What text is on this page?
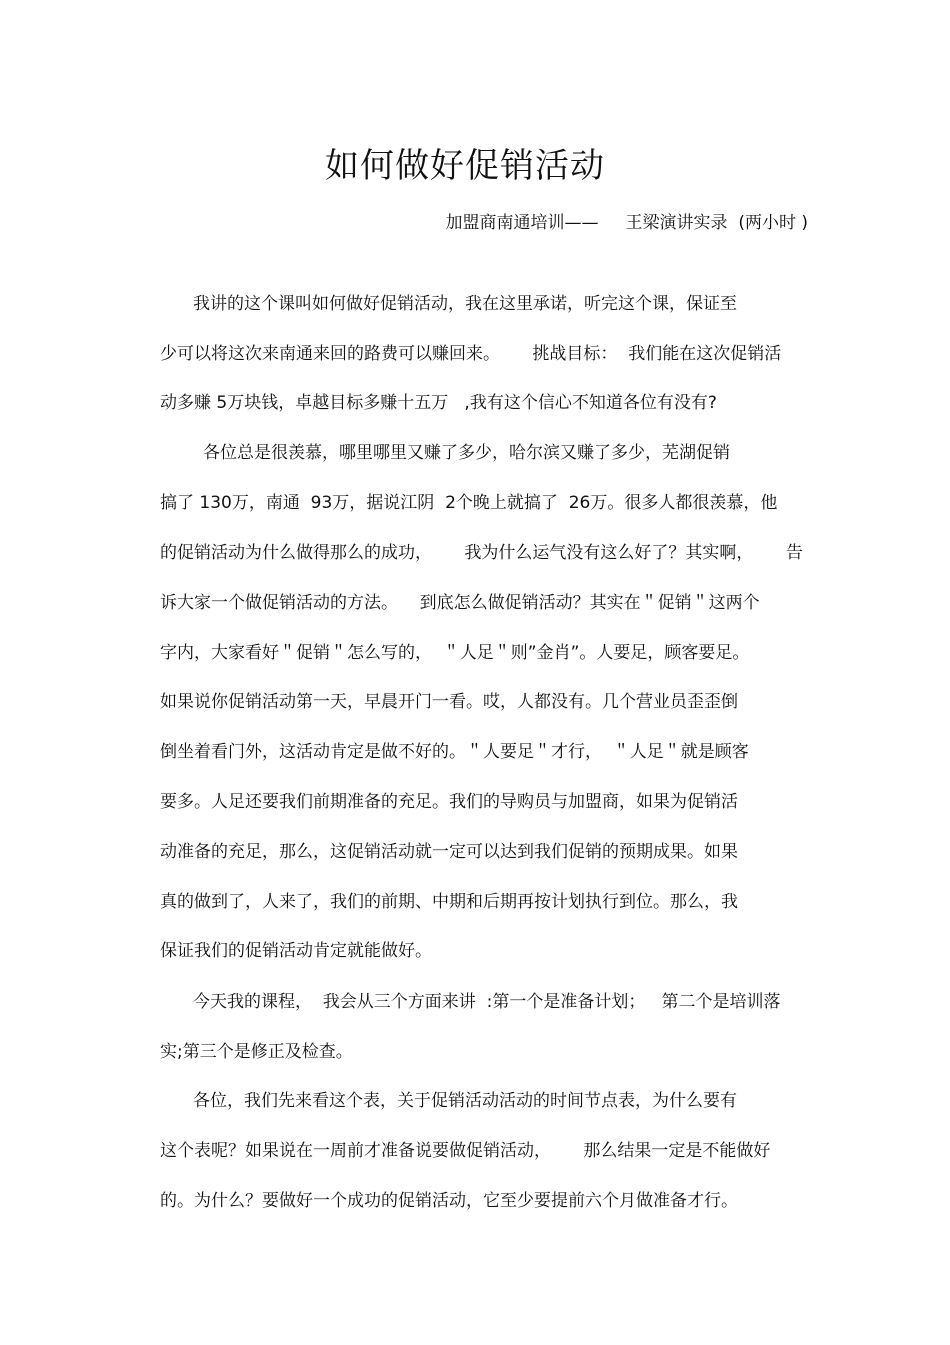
如何做好促销活动
加盟商南通培训——     王梁演讲实录  (两小时 )
我讲的这个课叫如何做好促销活动，我在这里承诺，听完这个课，保证至
少可以将这次来南通来回的路费可以赚回来。      挑战目标：  我们能在这次促销活
动多赚 5万块钱，卓越目标多赚十五万   ,我有这个信心不知道各位有没有?
各位总是很羡慕，哪里哪里又赚了多少，哈尔滨又赚了多少，芜湖促销
搞了 130万，南通  93万，据说江阴  2个晚上就搞了  26万。很多人都很羡慕，他
的促销活动为什么做得那么的成功，      我为什么运气没有这么好了？其实啊，      告
诉大家一个做促销活动的方法。    到底怎么做促销活动？其实在＂促销＂这两个
字内，大家看好＂促销＂怎么写的，  ＂人足＂则”金肖”。人要足，顾客要足。
如果说你促销活动第一天，早晨开门一看。哎，人都没有。几个营业员歪歪倒
倒坐着看门外，这活动肯定是做不好的。＂人要足＂才行，  ＂人足＂就是顾客
要多。人足还要我们前期准备的充足。我们的导购员与加盟商，如果为促销活
动准备的充足，那么，这促销活动就一定可以达到我们促销的预期成果。如果
真的做到了，人来了，我们的前期、中期和后期再按计划执行到位。那么，我
保证我们的促销活动肯定就能做好。
今天我的课程，  我会从三个方面来讲  :第一个是准备计划；   第二个是培训落
实;第三个是修正及检查。
各位，我们先来看这个表，关于促销活动活动的时间节点表，为什么要有
这个表呢？如果说在一周前才准备说要做促销活动，      那么结果一定是不能做好
的。为什么？要做好一个成功的促销活动，它至少要提前六个月做准备才行。
